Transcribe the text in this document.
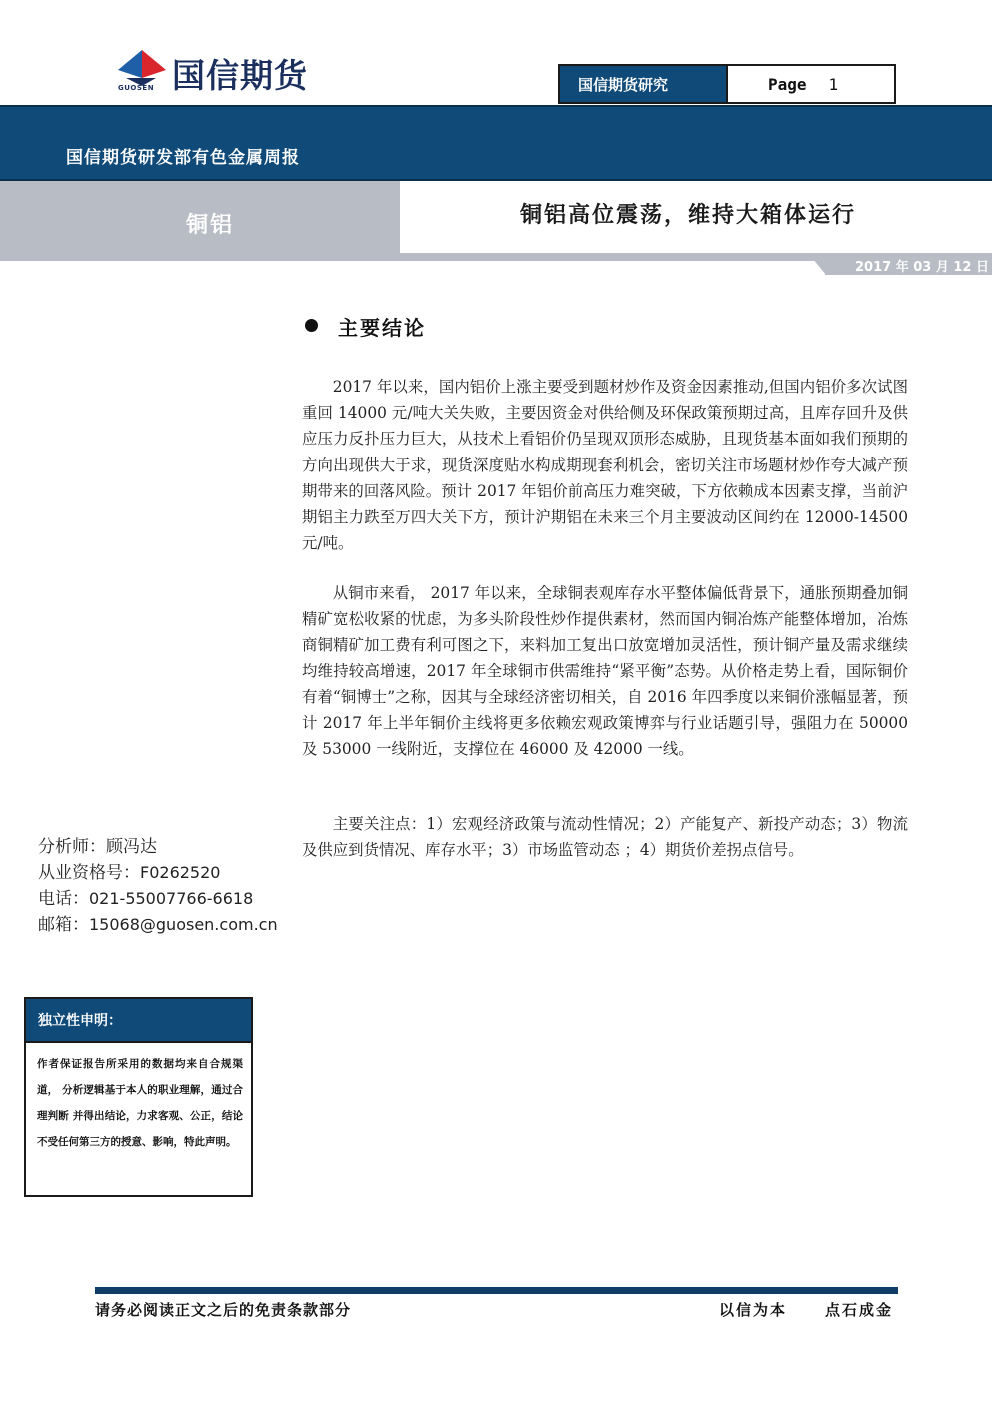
国信期货
GUOSEN	国信期货研究	Page 1
国信期货研发部有色金属周报
铜铝	铜铝高位震荡，维持大箱体运行
2017 年 03 月 12 日
主要结论

2017 年以来，国内铝价上涨主要受到题材炒作及资金因素推动,但国内铝价多次试图重回 14000 元/吨大关失败，主要因资金对供给侧及环保政策预期过高，且库存回升及供应压力反扑压力巨大，从技术上看铝价仍呈现双顶形态威胁，且现货基本面如我们预期的方向出现供大于求，现货深度贴水构成期现套利机会，密切关注市场题材炒作夸大减产预期带来的回落风险。预计 2017 年铝价前高压力难突破，下方依赖成本因素支撑，当前沪期铝主力跌至万四大关下方，预计沪期铝在未来三个月主要波动区间约在 12000-14500 元/吨。

从铜市来看， 2017 年以来，全球铜表观库存水平整体偏低背景下，通胀预期叠加铜精矿宽松收紧的忧虑，为多头阶段性炒作提供素材，然而国内铜冶炼产能整体增加，冶炼商铜精矿加工费有利可图之下，来料加工复出口放宽增加灵活性，预计铜产量及需求继续均维持较高增速，2017 年全球铜市供需维持“紧平衡”态势。从价格走势上看，国际铜价有着“铜博士”之称，因其与全球经济密切相关，自 2016 年四季度以来铜价涨幅显著，预计 2017 年上半年铜价主线将更多依赖宏观政策博弈与行业话题引导，强阻力在 50000 及 53000 一线附近，支撑位在 46000 及 42000 一线。

主要关注点：1）宏观经济政策与流动性情况；2）产能复产、新投产动态；3）物流及供应到货情况、库存水平；3）市场监管动态 ；4）期货价差拐点信号。

分析师：顾冯达
从业资格号：F0262520
电话：021-55007766-6618
邮箱：15068@guosen.com.cn
独立性申明：
作者保证报告所采用的数据均来自合规渠道， 分析逻辑基于本人的职业理解，通过合理判断 并得出结论，力求客观、公正，结论不受任何第三方的授意、影响，特此声明。
请务必阅读正文之后的免责条款部分	以信为本	点石成金
